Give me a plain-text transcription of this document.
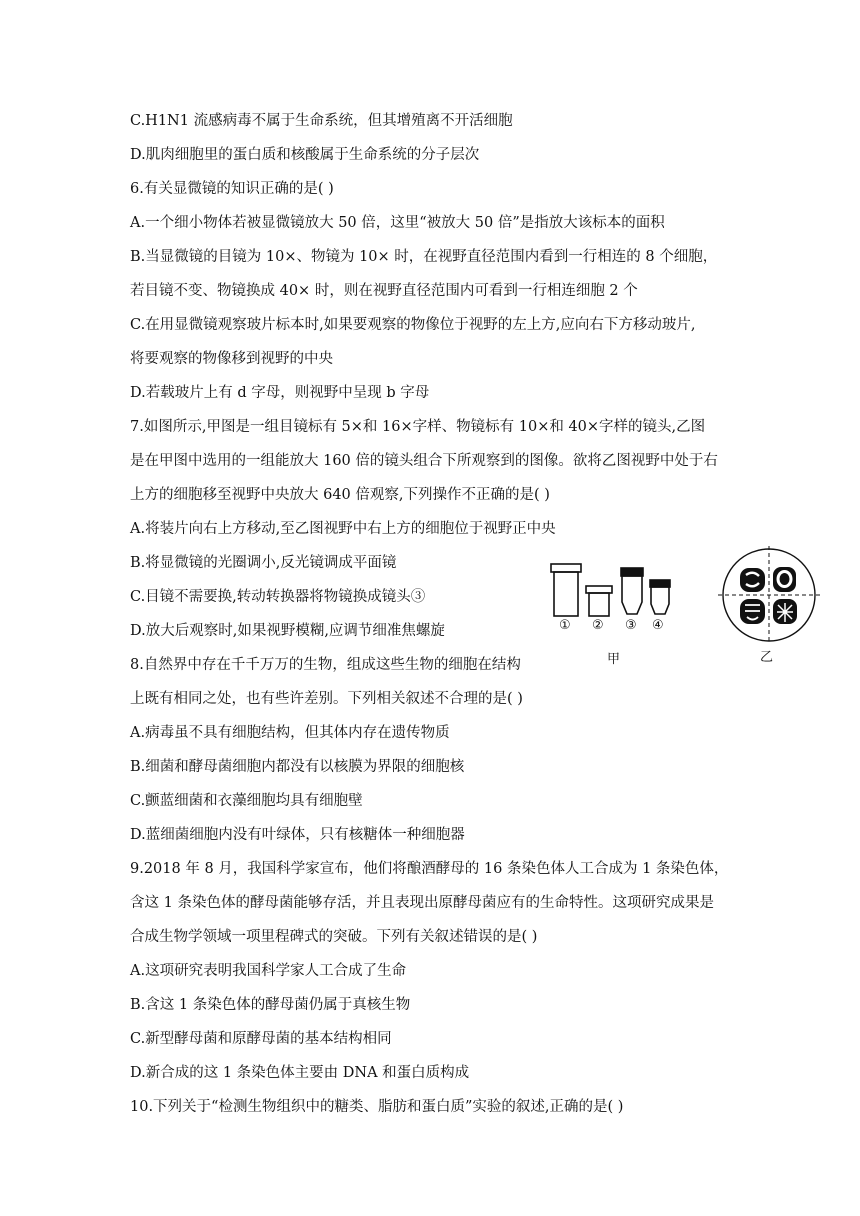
C.H1N1 流感病毒不属于生命系统，但其增殖离不开活细胞
D.肌肉细胞里的蛋白质和核酸属于生命系统的分子层次
6.有关显微镜的知识正确的是( )
A.一个细小物体若被显微镜放大 50 倍，这里“被放大 50 倍”是指放大该标本的面积
B.当显微镜的目镜为 10×、物镜为 10× 时，在视野直径范围内看到一行相连的 8 个细胞，
若目镜不变、物镜换成 40× 时，则在视野直径范围内可看到一行相连细胞 2 个
C.在用显微镜观察玻片标本时,如果要观察的物像位于视野的左上方,应向右下方移动玻片,
将要观察的物像移到视野的中央
D.若载玻片上有 d 字母，则视野中呈现 b 字母
7.如图所示,甲图是一组目镜标有 5×和 16×字样、物镜标有 10×和 40×字样的镜头,乙图
是在甲图中选用的一组能放大 160 倍的镜头组合下所观察到的图像。欲将乙图视野中处于右
上方的细胞移至视野中央放大 640 倍观察,下列操作不正确的是( )
A.将装片向右上方移动,至乙图视野中右上方的细胞位于视野正中央
B.将显微镜的光圈调小,反光镜调成平面镜
C.目镜不需要换,转动转换器将物镜换成镜头③
D.放大后观察时,如果视野模糊,应调节细准焦螺旋
8.自然界中存在千千万万的生物，组成这些生物的细胞在结构
上既有相同之处，也有些许差别。下列相关叙述不合理的是( )
A.病毒虽不具有细胞结构，但其体内存在遗传物质
B.细菌和酵母菌细胞内都没有以核膜为界限的细胞核
C.颤蓝细菌和衣藻细胞均具有细胞壁
D.蓝细菌细胞内没有叶绿体，只有核糖体一种细胞器
9.2018 年 8 月，我国科学家宣布，他们将酿酒酵母的 16 条染色体人工合成为 1 条染色体，
含这 1 条染色体的酵母菌能够存活，并且表现出原酵母菌应有的生命特性。这项研究成果是
合成生物学领域一项里程碑式的突破。下列有关叙述错误的是( )
A.这项研究表明我国科学家人工合成了生命
B.含这 1 条染色体的酵母菌仍属于真核生物
C.新型酵母菌和原酵母菌的基本结构相同
D.新合成的这 1 条染色体主要由 DNA 和蛋白质构成
10.下列关于“检测生物组织中的糖类、脂肪和蛋白质”实验的叙述,正确的是( )
① ② ③ ④
甲	乙
